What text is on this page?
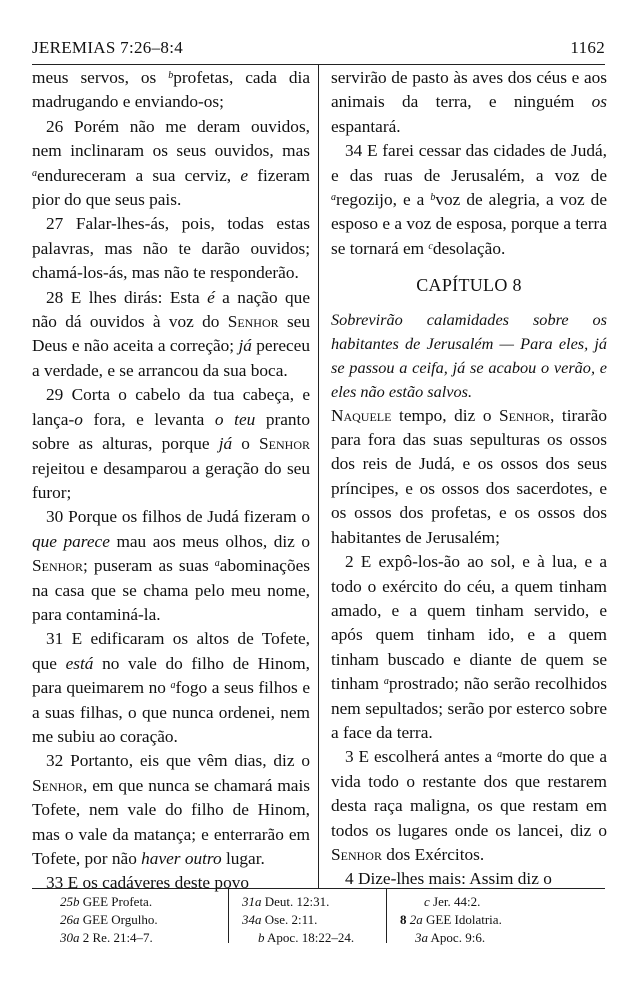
JEREMIAS 7:26–8:4	1162

meus servos, os $^b$profetas, cada dia madrugando e enviando-os;

26 Porém não me deram ouvidos, nem inclinaram os seus ouvidos, mas $^a$endureceram a sua cerviz, e fizeram pior do que seus pais.

27 Falar-lhes-ás, pois, todas estas palavras, mas não te darão ouvidos; chamá-los-ás, mas não te responderão.

28 E lhes dirás: Esta é a nação que não dá ouvidos à voz do Senhor seu Deus e não aceita a correção; já pereceu a verdade, e se arrancou da sua boca.

29 Corta o cabelo da tua cabeça, e lança-o fora, e levanta o teu pranto sobre as alturas, porque já o Senhor rejeitou e desamparou a geração do seu furor;

30 Porque os filhos de Judá fizeram o que parece mau aos meus olhos, diz o Senhor; puseram as suas $^a$abominações na casa que se chama pelo meu nome, para contaminá-la.

31 E edificaram os altos de Tofete, que está no vale do filho de Hinom, para queimarem no $^a$fogo a seus filhos e a suas filhas, o que nunca ordenei, nem me subiu ao coração.

32 Portanto, eis que vêm dias, diz o Senhor, em que nunca se chamará mais Tofete, nem vale do filho de Hinom, mas o vale da matança; e enterrarão em Tofete, por não haver outro lugar.

33 E os cadáveres deste povo

servirão de pasto às aves dos céus e aos animais da terra, e ninguém os espantará.

34 E farei cessar das cidades de Judá, e das ruas de Jerusalém, a voz de $^a$regozijo, e a $^b$voz de alegria, a voz de esposo e a voz de esposa, porque a terra se tornará em $^c$desolação.

CAPÍTULO 8

Sobrevirão calamidades sobre os habitantes de Jerusalém — Para eles, já se passou a ceifa, já se acabou o verão, e eles não estão salvos.

Naquele tempo, diz o Senhor, tirarão para fora das suas sepulturas os ossos dos reis de Judá, e os ossos dos seus príncipes, e os ossos dos sacerdotes, e os ossos dos profetas, e os ossos dos habitantes de Jerusalém;

2 E expô-los-ão ao sol, e à lua, e a todo o exército do céu, a quem tinham amado, e a quem tinham servido, e após quem tinham ido, e a quem tinham buscado e diante de quem se tinham $^a$prostrado; não serão recolhidos nem sepultados; serão por esterco sobre a face da terra.

3 E escolherá antes a $^a$morte do que a vida todo o restante dos que restarem desta raça maligna, os que restam em todos os lugares onde os lancei, diz o Senhor dos Exércitos.

4 Dize-lhes mais: Assim diz o

25b GEE Profeta.
26a GEE Orgulho.
30a 2 Re. 21:4–7.
31a Deut. 12:31.
34a Ose. 2:11.
b Apoc. 18:22–24.
c Jer. 44:2.
8 2a GEE Idolatria.
3a Apoc. 9:6.
